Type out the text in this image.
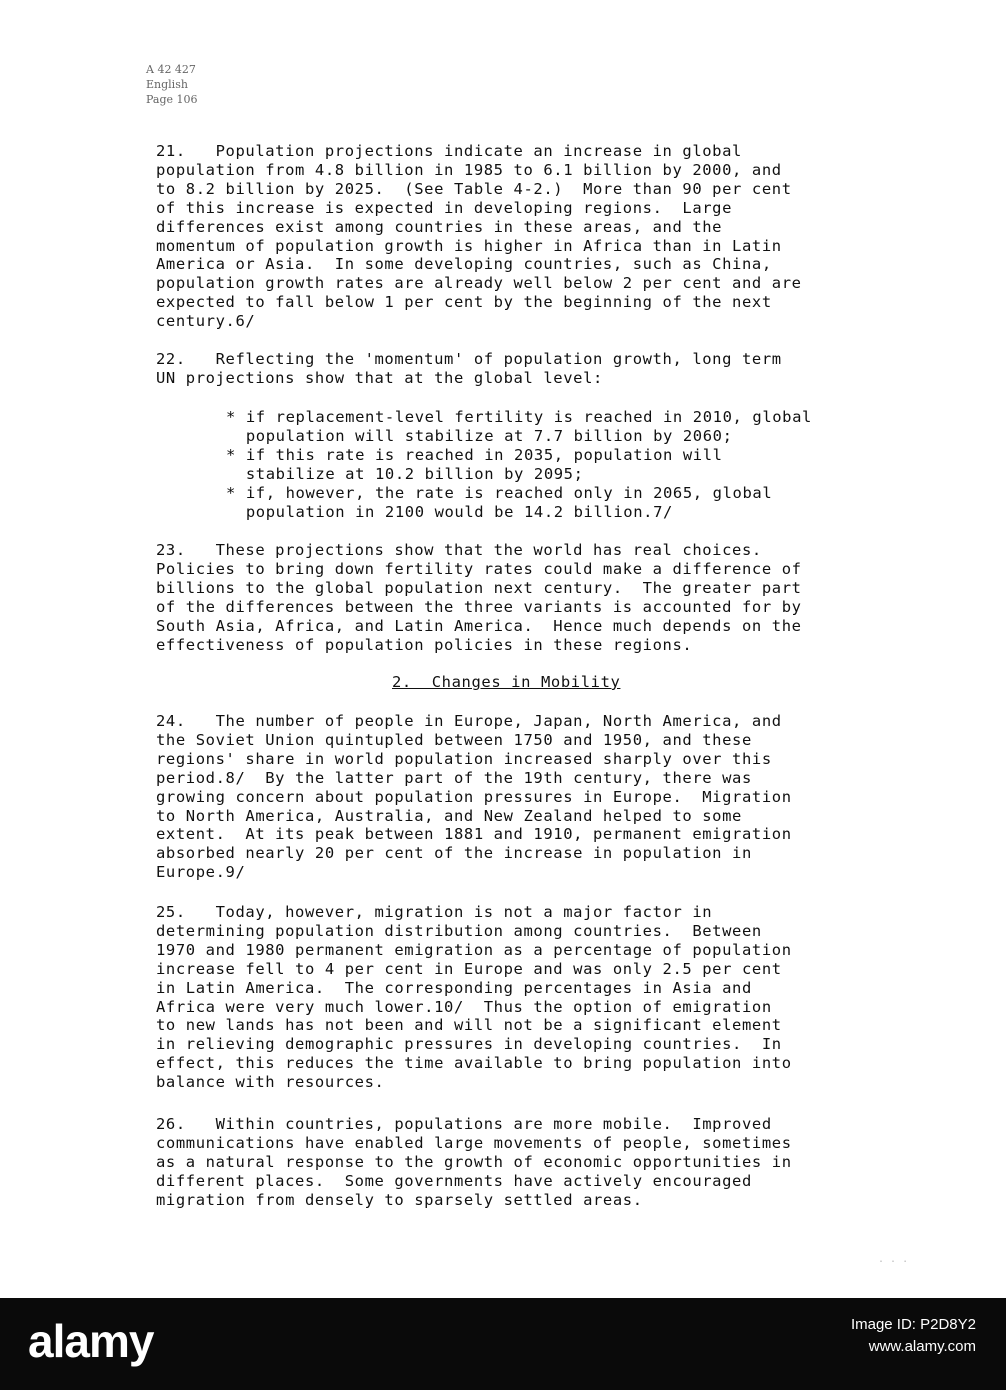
A 42 427
English
Page 106
21.   Population projections indicate an increase in global
population from 4.8 billion in 1985 to 6.1 billion by 2000, and
to 8.2 billion by 2025.  (See Table 4-2.)  More than 90 per cent
of this increase is expected in developing regions.  Large
differences exist among countries in these areas, and the
momentum of population growth is higher in Africa than in Latin
America or Asia.  In some developing countries, such as China,
population growth rates are already well below 2 per cent and are
expected to fall below 1 per cent by the beginning of the next
century.6/
22.   Reflecting the 'momentum' of population growth, long term
UN projections show that at the global level:
* if replacement-level fertility is reached in 2010, global
population will stabilize at 7.7 billion by 2060;
* if this rate is reached in 2035, population will
stabilize at 10.2 billion by 2095;
* if, however, the rate is reached only in 2065, global
population in 2100 would be 14.2 billion.7/
23.   These projections show that the world has real choices.
Policies to bring down fertility rates could make a difference of
billions to the global population next century.  The greater part
of the differences between the three variants is accounted for by
South Asia, Africa, and Latin America.  Hence much depends on the
effectiveness of population policies in these regions.
2.  Changes in Mobility
24.   The number of people in Europe, Japan, North America, and
the Soviet Union quintupled between 1750 and 1950, and these
regions' share in world population increased sharply over this
period.8/  By the latter part of the 19th century, there was
growing concern about population pressures in Europe.  Migration
to North America, Australia, and New Zealand helped to some
extent.  At its peak between 1881 and 1910, permanent emigration
absorbed nearly 20 per cent of the increase in population in
Europe.9/
25.   Today, however, migration is not a major factor in
determining population distribution among countries.  Between
1970 and 1980 permanent emigration as a percentage of population
increase fell to 4 per cent in Europe and was only 2.5 per cent
in Latin America.  The corresponding percentages in Asia and
Africa were very much lower.10/  Thus the option of emigration
to new lands has not been and will not be a significant element
in relieving demographic pressures in developing countries.  In
effect, this reduces the time available to bring population into
balance with resources.
26.   Within countries, populations are more mobile.  Improved
communications have enabled large movements of people, sometimes
as a natural response to the growth of economic opportunities in
different places.  Some governments have actively encouraged
migration from densely to sparsely settled areas.
. . .
alamy	Image ID: P2D8Y2
www.alamy.com
